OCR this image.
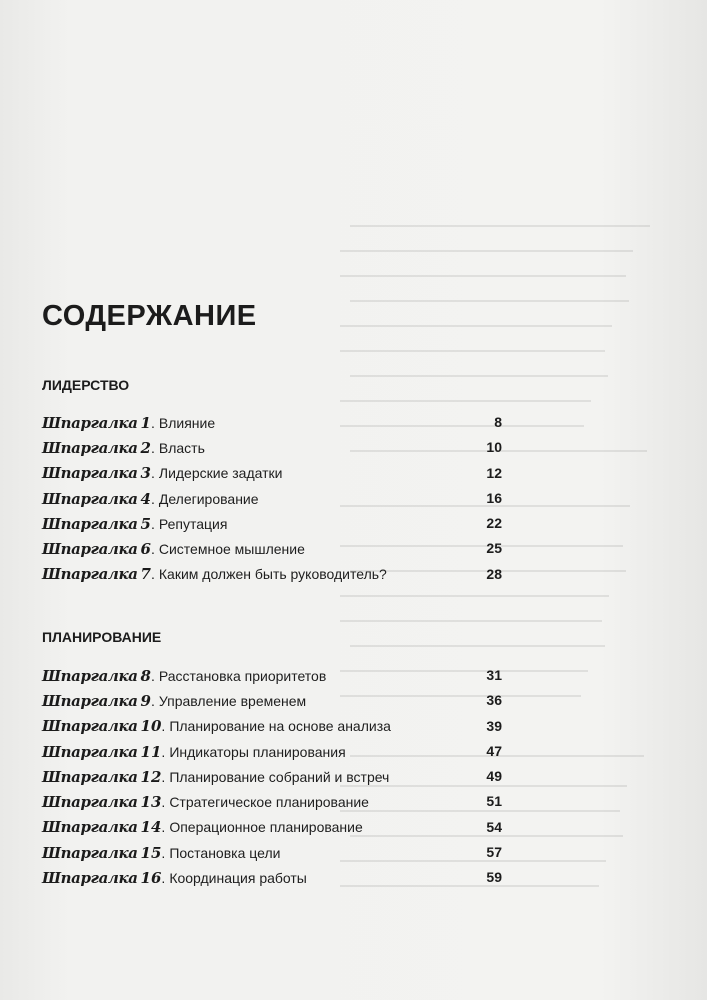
СОДЕРЖАНИЕ
ЛИДЕРСТВО
Шпаргалка 1 . Влияние	8
Шпаргалка 2 . Власть	10
Шпаргалка 3 . Лидерские задатки	12
Шпаргалка 4 . Делегирование	16
Шпаргалка 5 . Репутация	22
Шпаргалка 6 . Системное мышление	25
Шпаргалка 7 . Каким должен быть руководитель?	28
ПЛАНИРОВАНИЕ
Шпаргалка 8 . Расстановка приоритетов	31
Шпаргалка 9 . Управление временем	36
Шпаргалка 10 . Планирование на основе анализа	39
Шпаргалка 11 . Индикаторы планирования	47
Шпаргалка 12 . Планирование собраний и встреч	49
Шпаргалка 13 . Стратегическое планирование	51
Шпаргалка 14 . Операционное планирование	54
Шпаргалка 15 . Постановка цели	57
Шпаргалка 16 . Координация работы	59
